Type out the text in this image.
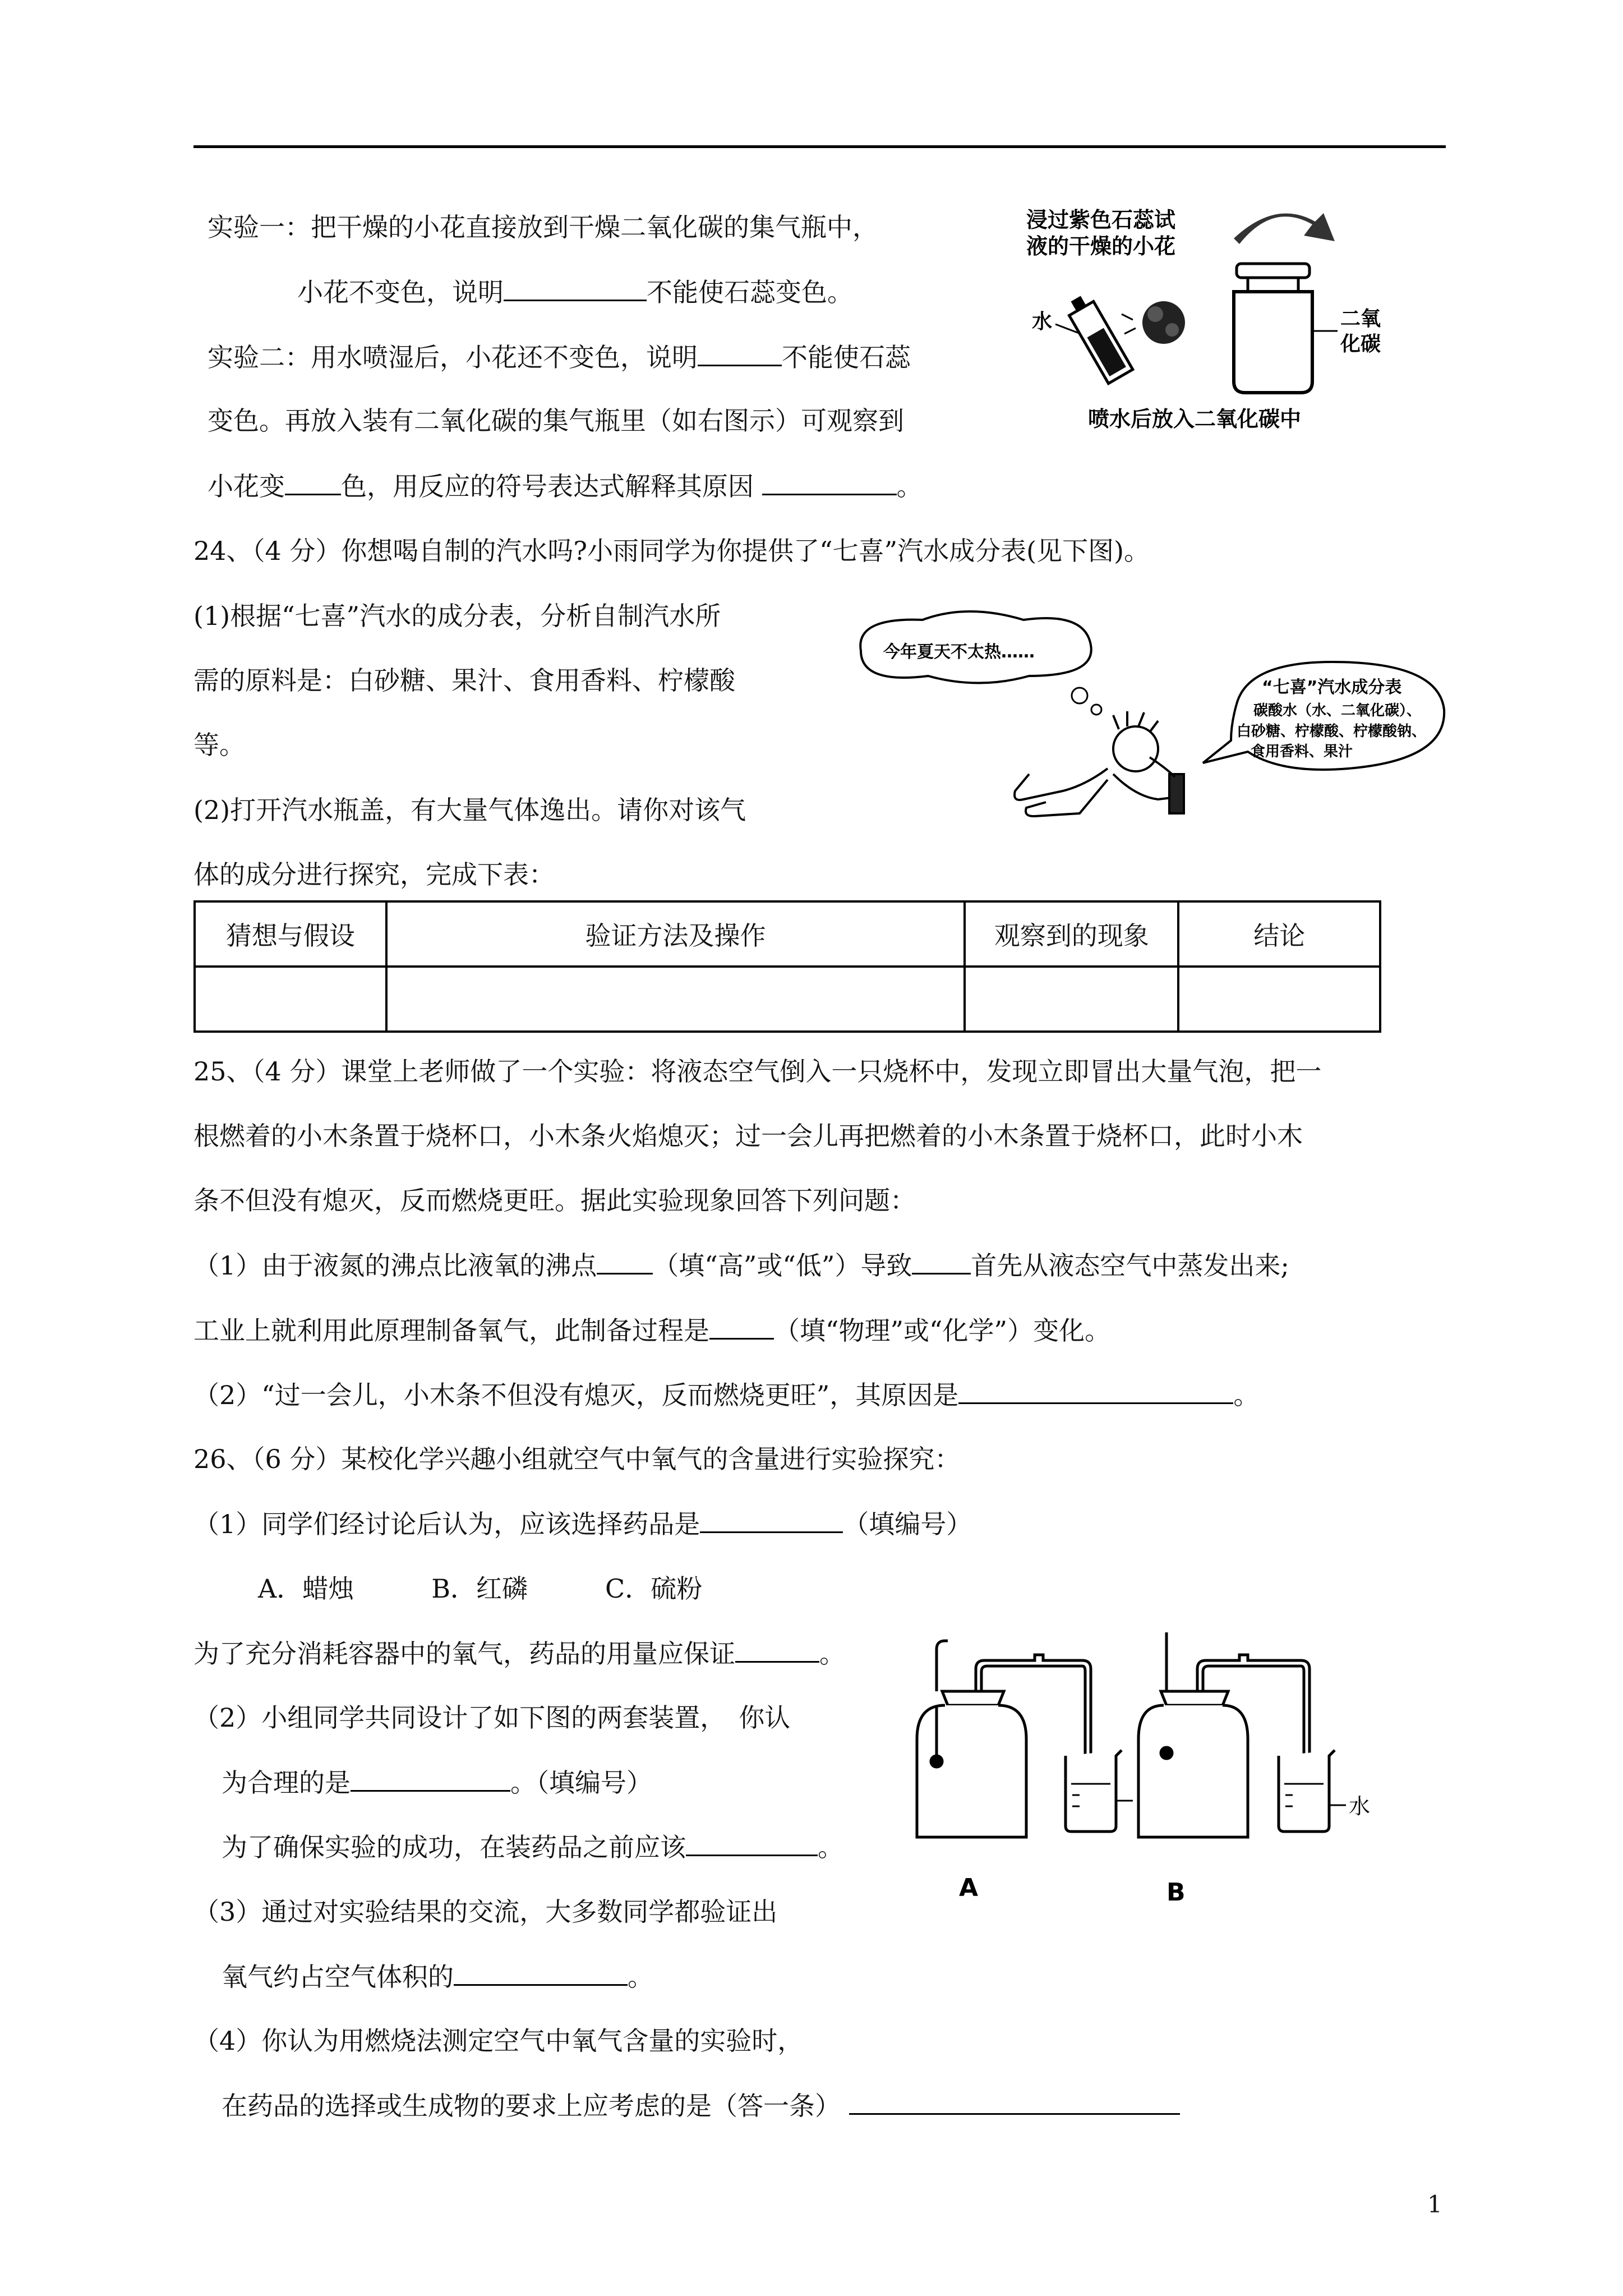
实验一：把干燥的小花直接放到干燥二氧化碳的集气瓶中，
小花不变色，说明	不能使石蕊变色。
实验二：用水喷湿后，小花还不变色，说明	不能使石蕊
变色。再放入装有二氧化碳的集气瓶里（如右图示）可观察到
小花变 色，用反应的符号表达式解释其原因	。
浸过紫色石蕊试
液的干燥的小花
水	二氧
化碳
喷水后放入二氧化碳中
24、（4 分）你想喝自制的汽水吗?小雨同学为你提供了“七喜”汽水成分表(见下图)。
(1)根据“七喜”汽水的成分表，分析自制汽水所
需的原料是：白砂糖、果汁、食用香料、柠檬酸
等。
(2)打开汽水瓶盖，有大量气体逸出。请你对该气
体的成分进行探究，完成下表：
今年夏天不太热……
“七喜”汽水成分表
碳酸水（水、二氧化碳）、
白砂糖、柠檬酸、柠檬酸钠、
食用香料、果汁
猜想与假设	验证方法及操作	观察到的现象	结论

25、（4 分）课堂上老师做了一个实验：将液态空气倒入一只烧杯中，发现立即冒出大量气泡，把一
根燃着的小木条置于烧杯口，小木条火焰熄灭；过一会儿再把燃着的小木条置于烧杯口，此时小木
条不但没有熄灭，反而燃烧更旺。据此实验现象回答下列问题：
（1）由于液氮的沸点比液氧的沸点 （填“高”或“低”）导致 首先从液态空气中蒸发出来;
工业上就利用此原理制备氧气，此制备过程是	（填“物理”或“化学”）变化。
（2）“过一会儿，小木条不但没有熄灭，反而燃烧更旺”，其原因是	。
26、（6 分）某校化学兴趣小组就空气中氧气的含量进行实验探究：
（1）同学们经讨论后认为，应该选择药品是	（填编号）
A．蜡烛　　　B．红磷　　　C．硫粉
为了充分消耗容器中的氧气，药品的用量应保证	。
（2）小组同学共同设计了如下图的两套装置，　你认
为合理的是	。（填编号）
为了确保实验的成功，在装药品之前应该	。
（3）通过对实验结果的交流，大多数同学都验证出
氧气约占空气体积的	。
（4）你认为用燃烧法测定空气中氧气含量的实验时，
在药品的选择或生成物的要求上应考虑的是（答一条）
A
水
B
1
